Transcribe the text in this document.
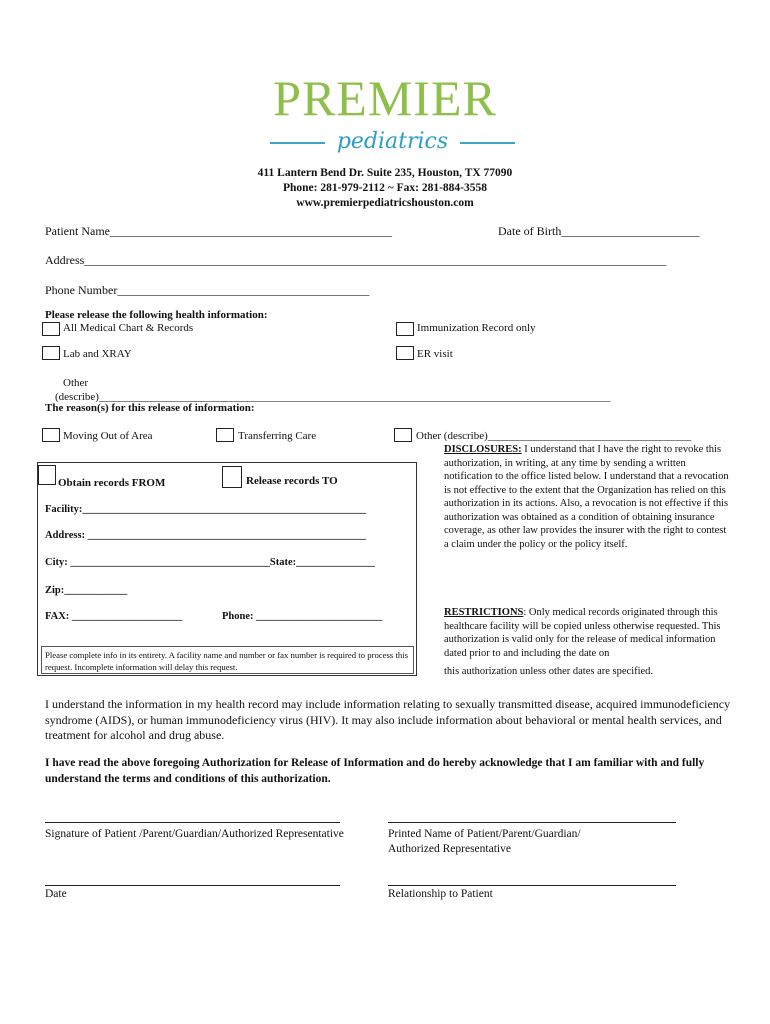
PREMIER
pediatrics
411 Lantern Bend Dr. Suite 235, Houston, TX 77090
Phone: 281-979-2112 ~ Fax: 281-884-3558
www.premierpediatricshouston.com
Patient Name_______________________________________________	Date of Birth_______________________
Address_________________________________________________________________________________________________
Phone Number__________________________________________
Please release the following health information:
All Medical Chart & Records	Immunization Record only
Lab and XRAY	ER visit
Other
(describe)_____________________________________________________________________________________________
The reason(s) for this release of information:
Moving Out of Area	Transferring Care	Other (describe)_____________________________________
Obtain records FROM	Release records TO
Facility:______________________________________________________
Address: _____________________________________________________
City: ______________________________________State:_______________
Zip:____________
FAX: _____________________	Phone: ________________________
Please complete info in its entirety. A facility name and number or fax number is required to process this request. Incomplete information will delay this request.
DISCLOSURES: I understand that I have the right to revoke this authorization, in writing, at any time by sending a written notification to the office listed below. I understand that a revocation is not effective to the extent that the Organization has relied on this authorization in its actions. Also, a revocation is not effective if this authorization was obtained as a condition of obtaining insurance coverage, as other law provides the insurer with the right to contest a claim under the policy or the policy itself.
RESTRICTIONS: Only medical records originated through this healthcare facility will be copied unless otherwise requested. This authorization is valid only for the release of medical information dated prior to and including the date on
this authorization unless other dates are specified.
I understand the information in my health record may include information relating to sexually transmitted disease, acquired immunodeficiency syndrome (AIDS), or human immunodeficiency virus (HIV). It may also include information about behavioral or mental health services, and treatment for alcohol and drug abuse.
I have read the above foregoing Authorization for Release of Information and do hereby acknowledge that I am familiar with and fully understand the terms and conditions of this authorization.
Signature of Patient /Parent/Guardian/Authorized Representative	Printed Name of Patient/Parent/Guardian/
Authorized Representative
Date	Relationship to Patient
